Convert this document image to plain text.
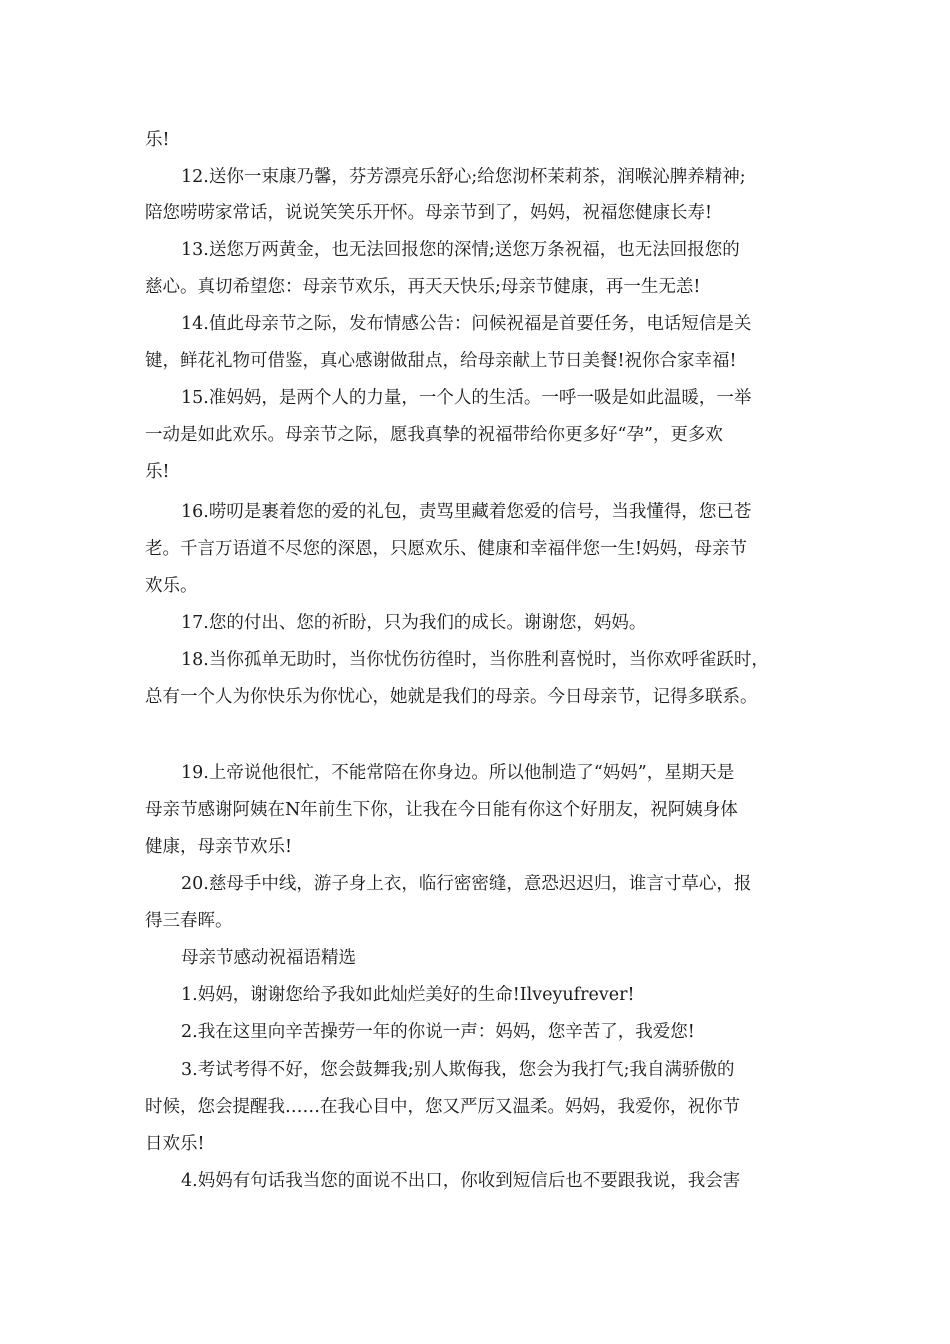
乐!
12.送你一束康乃馨，芬芳漂亮乐舒心;给您沏杯茉莉茶，润喉沁脾养精神;
陪您唠唠家常话，说说笑笑乐开怀。母亲节到了，妈妈，祝福您健康长寿!
13.送您万两黄金，也无法回报您的深情;送您万条祝福，也无法回报您的
慈心。真切希望您：母亲节欢乐，再天天快乐;母亲节健康，再一生无恙!
14.值此母亲节之际，发布情感公告：问候祝福是首要任务，电话短信是关
键，鲜花礼物可借鉴，真心感谢做甜点，给母亲献上节日美餐!祝你合家幸福!
15.准妈妈，是两个人的力量，一个人的生活。一呼一吸是如此温暖，一举
一动是如此欢乐。母亲节之际，愿我真挚的祝福带给你更多好“孕”，更多欢
乐!
16.唠叨是裹着您的爱的礼包，责骂里藏着您爱的信号，当我懂得，您已苍
老。千言万语道不尽您的深恩，只愿欢乐、健康和幸福伴您一生!妈妈，母亲节
欢乐。
17.您的付出、您的祈盼，只为我们的成长。谢谢您，妈妈。
18.当你孤单无助时，当你忧伤彷徨时，当你胜利喜悦时，当你欢呼雀跃时，
总有一个人为你快乐为你忧心，她就是我们的母亲。今日母亲节，记得多联系。
19.上帝说他很忙，不能常陪在你身边。所以他制造了“妈妈”，星期天是
母亲节感谢阿姨在N年前生下你，让我在今日能有你这个好朋友，祝阿姨身体
健康，母亲节欢乐!
20.慈母手中线，游子身上衣，临行密密缝，意恐迟迟归，谁言寸草心，报
得三春晖。
母亲节感动祝福语精选
1.妈妈，谢谢您给予我如此灿烂美好的生命!Ilveyufrever!
2.我在这里向辛苦操劳一年的你说一声：妈妈，您辛苦了，我爱您!
3.考试考得不好，您会鼓舞我;别人欺侮我，您会为我打气;我自满骄傲的
时候，您会提醒我……在我心目中，您又严厉又温柔。妈妈，我爱你，祝你节
日欢乐!
4.妈妈有句话我当您的面说不出口，你收到短信后也不要跟我说，我会害
